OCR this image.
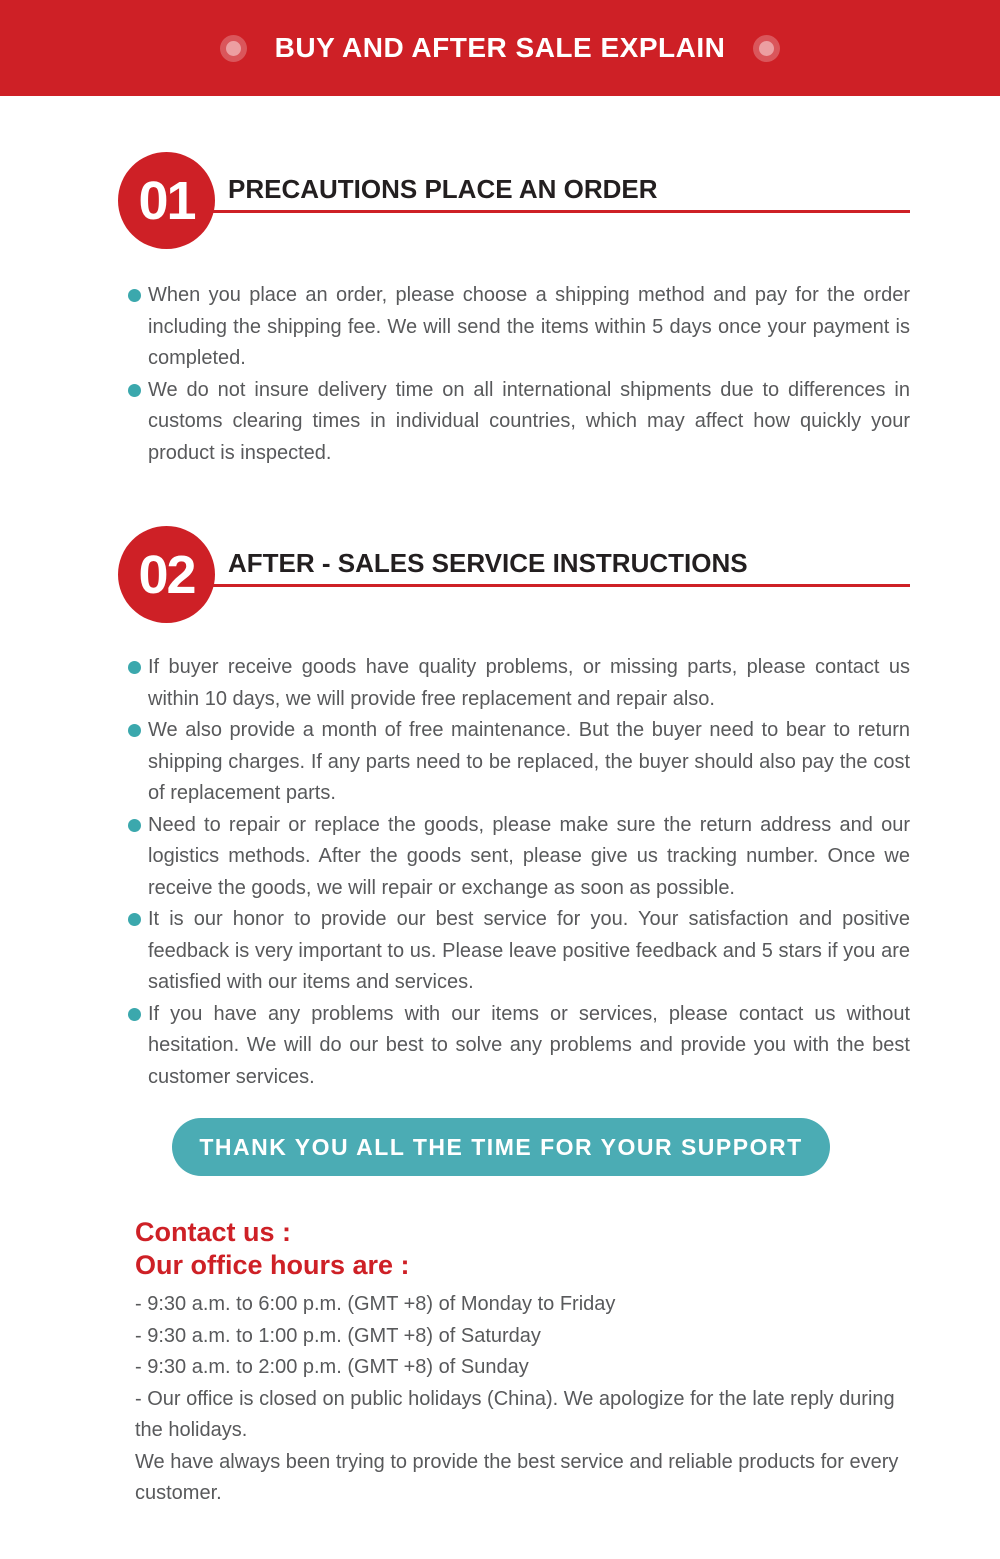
BUY AND AFTER SALE EXPLAIN
01	PRECAUTIONS PLACE AN ORDER
When you place an order, please choose a shipping method and pay for the order including the shipping fee. We will send the items within 5 days once your payment is completed.
We do not insure delivery time on all international shipments due to differences in customs clearing times in individual countries, which may affect how quickly your product is inspected.
02	AFTER - SALES SERVICE INSTRUCTIONS
If buyer receive goods have quality problems, or missing parts, please contact us within 10 days, we will provide free replacement and repair also.
We also provide a month of free maintenance. But the buyer need to bear to return shipping charges. If any parts need to be replaced, the buyer should also pay the cost of replacement parts.
Need to repair or replace the goods, please make sure the return address and our logistics methods. After the goods sent, please give us tracking number. Once we receive the goods, we will repair or exchange as soon as possible.
It is our honor to provide our best service for you. Your satisfaction and positive feedback is very important to us. Please leave positive feedback and 5 stars if you are satisfied with our items and services.
If you have any problems with our items or services, please contact us without hesitation. We will do our best to solve any problems and provide you with the best customer services.
THANK YOU ALL THE TIME FOR YOUR SUPPORT
Contact us :
Our office hours are :
- 9:30 a.m. to 6:00 p.m. (GMT +8) of Monday to Friday
- 9:30 a.m. to 1:00 p.m. (GMT +8) of Saturday
- 9:30 a.m. to 2:00 p.m. (GMT +8) of Sunday
- Our office is closed on public holidays (China). We apologize for the late reply during the holidays.
We have always been trying to provide the best service and reliable products for every customer.
